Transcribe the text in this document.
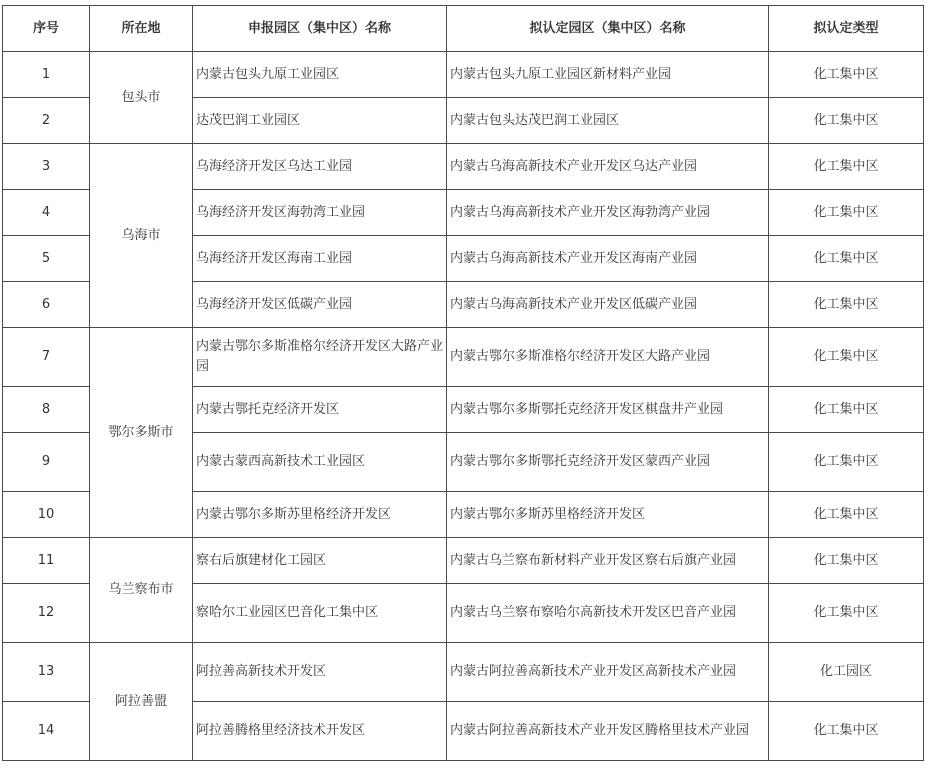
序号	所在地	申报园区（集中区）名称	拟认定园区（集中区）名称	拟认定类型
1	包头市	内蒙古包头九原工业园区	内蒙古包头九原工业园区新材料产业园	化工集中区
2		达茂巴润工业园区	内蒙古包头达茂巴润工业园区	化工集中区
3	乌海市	乌海经济开发区乌达工业园	内蒙古乌海高新技术产业开发区乌达产业园	化工集中区
4		乌海经济开发区海勃湾工业园	内蒙古乌海高新技术产业开发区海勃湾产业园	化工集中区
5		乌海经济开发区海南工业园	内蒙古乌海高新技术产业开发区海南产业园	化工集中区
6		乌海经济开发区低碳产业园	内蒙古乌海高新技术产业开发区低碳产业园	化工集中区
7	鄂尔多斯市	内蒙古鄂尔多斯准格尔经济开发区大路产业园	内蒙古鄂尔多斯准格尔经济开发区大路产业园	化工集中区
8		内蒙古鄂托克经济开发区	内蒙古鄂尔多斯鄂托克经济开发区棋盘井产业园	化工集中区
9		内蒙古蒙西高新技术工业园区	内蒙古鄂尔多斯鄂托克经济开发区蒙西产业园	化工集中区
10		内蒙古鄂尔多斯苏里格经济开发区	内蒙古鄂尔多斯苏里格经济开发区	化工集中区
11	乌兰察布市	察右后旗建材化工园区	内蒙古乌兰察布新材料产业开发区察右后旗产业园	化工集中区
12		察哈尔工业园区巴音化工集中区	内蒙古乌兰察布察哈尔高新技术开发区巴音产业园	化工集中区
13	阿拉善盟	阿拉善高新技术开发区	内蒙古阿拉善高新技术产业开发区高新技术产业园	化工园区
14		阿拉善腾格里经济技术开发区	内蒙古阿拉善高新技术产业开发区腾格里技术产业园	化工集中区
